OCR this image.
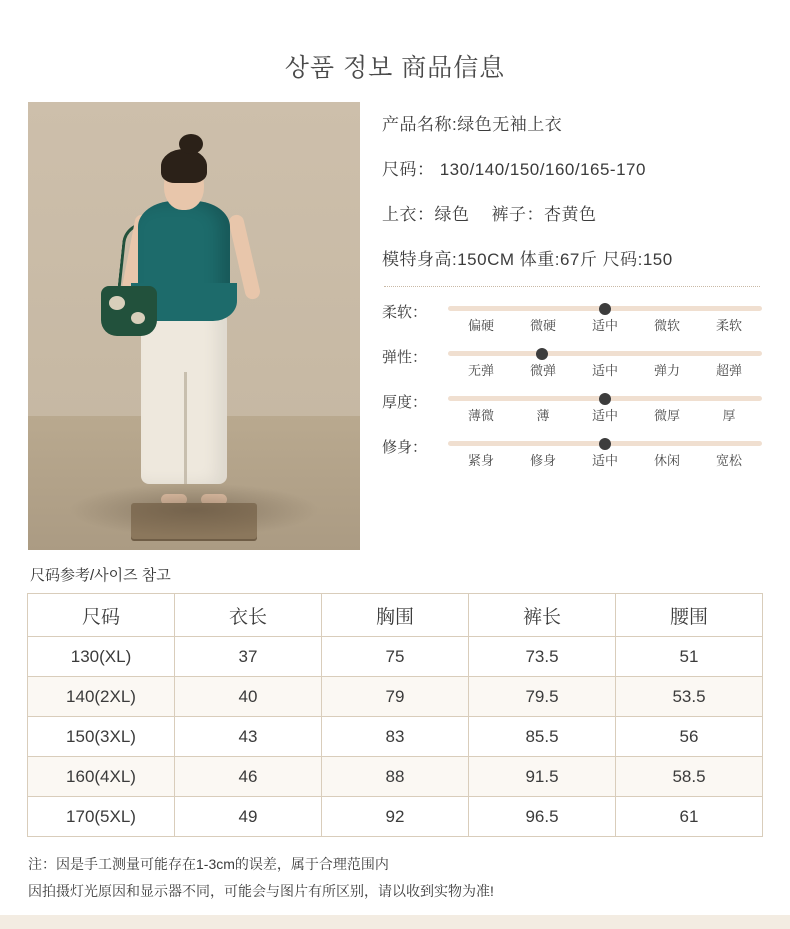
상품 정보 商品信息
产品名称:绿色无袖上衣
尺码： 130/140/150/160/165-170
上衣：绿色 裤子：杏黄色
模特身高:150CM 体重:67斤 尺码:150
柔软：
偏硬	微硬	适中	微软	柔软
弹性：
无弹	微弹	适中	弹力	超弹
厚度：
薄微	薄	适中	微厚	厚
修身：
紧身	修身	适中	休闲	宽松
尺码参考/사이즈 참고
尺码	衣长	胸围	裤长	腰围
130(XL)	37	75	73.5	51
140(2XL)	40	79	79.5	53.5
150(3XL)	43	83	85.5	56
160(4XL)	46	88	91.5	58.5
170(5XL)	49	92	96.5	61
注：因是手工测量可能存在1-3cm的误差，属于合理范围内
因拍摄灯光原因和显示器不同，可能会与图片有所区别，请以收到实物为准!
